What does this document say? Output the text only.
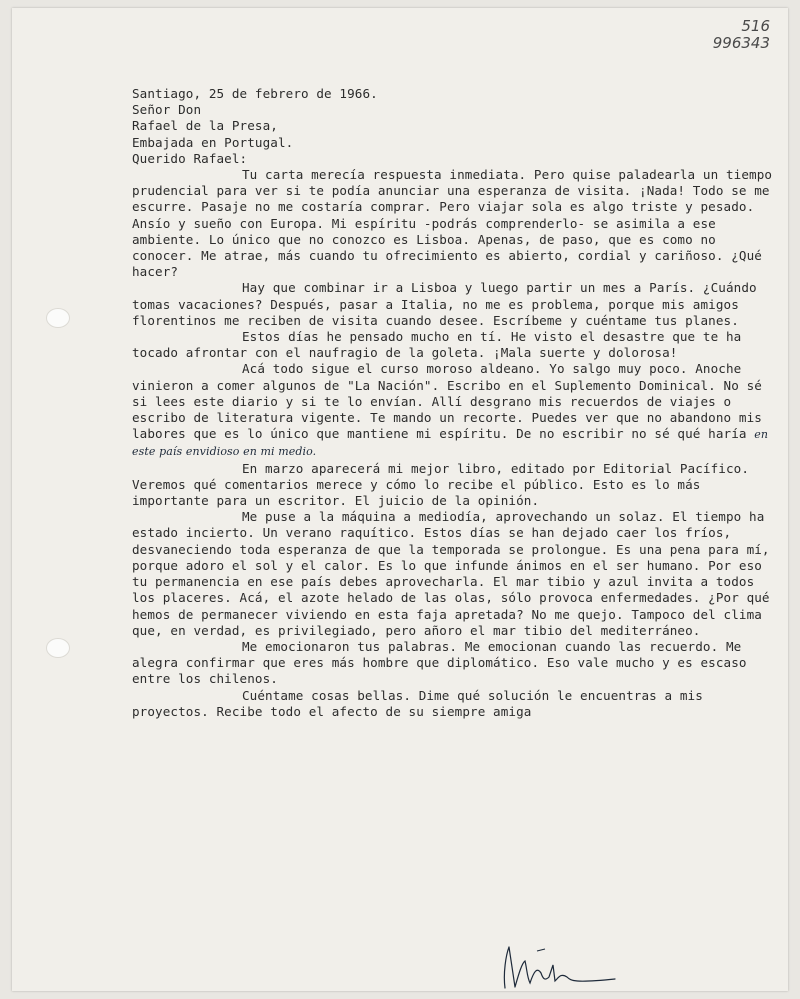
516
996343

Santiago, 25 de febrero de 1966.

Señor Don

Rafael de la Presa,

Embajada en Portugal.

Querido Rafael:

Tu carta merecía respuesta inmediata. Pero quise paladearla un tiempo prudencial para ver si te podía anunciar una esperanza de visita. ¡Nada! Todo se me escurre. Pasaje no me costaría comprar. Pero viajar sola es algo triste y pesado. Ansío y sueño con Europa. Mi espíritu -podrás comprenderlo- se asimila a ese ambiente. Lo único que no conozco es Lisboa. Apenas, de paso, que es como no conocer. Me atrae, más cuando tu ofrecimiento es abierto, cordial y cariñoso. ¿Qué hacer?

Hay que combinar ir a Lisboa y luego partir un mes a París. ¿Cuándo tomas vacaciones? Después, pasar a Italia, no me es problema, porque mis amigos florentinos me reciben de visita cuando desee. Escríbeme y cuéntame tus planes.

Estos días he pensado mucho en tí. He visto el desastre que te ha tocado afrontar con el naufragio de la goleta. ¡Mala suerte y dolorosa!

Acá todo sigue el curso moroso aldeano. Yo salgo muy poco. Anoche vinieron a comer algunos de "La Nación". Escribo en el Suplemento Dominical. No sé si lees este diario y si te lo envían. Allí desgrano mis recuerdos de viajes o escribo de literatura vigente. Te mando un recorte. Puedes ver que no abandono mis labores que es lo único que mantiene mi espíritu. De no escribir no sé qué haría en este país envidioso en mi medio.

En marzo aparecerá mi mejor libro, editado por Editorial Pacífico. Veremos qué comentarios merece y cómo lo recibe el público. Esto es lo más importante para un escritor. El juicio de la opinión.

Me puse a la máquina a mediodía, aprovechando un solaz. El tiempo ha estado incierto. Un verano raquítico. Estos días se han dejado caer los fríos, desvaneciendo toda esperanza de que la temporada se prolongue. Es una pena para mí, porque adoro el sol y el calor. Es lo que infunde ánimos en el ser humano. Por eso tu permanencia en ese país debes aprovecharla. El mar tibio y azul invita a todos los placeres. Acá, el azote helado de las olas, sólo provoca enfermedades. ¿Por qué hemos de permanecer viviendo en esta faja apretada? No me quejo. Tampoco del clima que, en verdad, es privilegiado, pero añoro el mar tibio del mediterráneo.

Me emocionaron tus palabras. Me emocionan cuando las recuerdo. Me alegra confirmar que eres más hombre que diplomático. Eso vale mucho y es escaso entre los chilenos.

Cuéntame cosas bellas. Dime qué solución le encuentras a mis proyectos. Recibe todo el afecto de su siempre amiga
